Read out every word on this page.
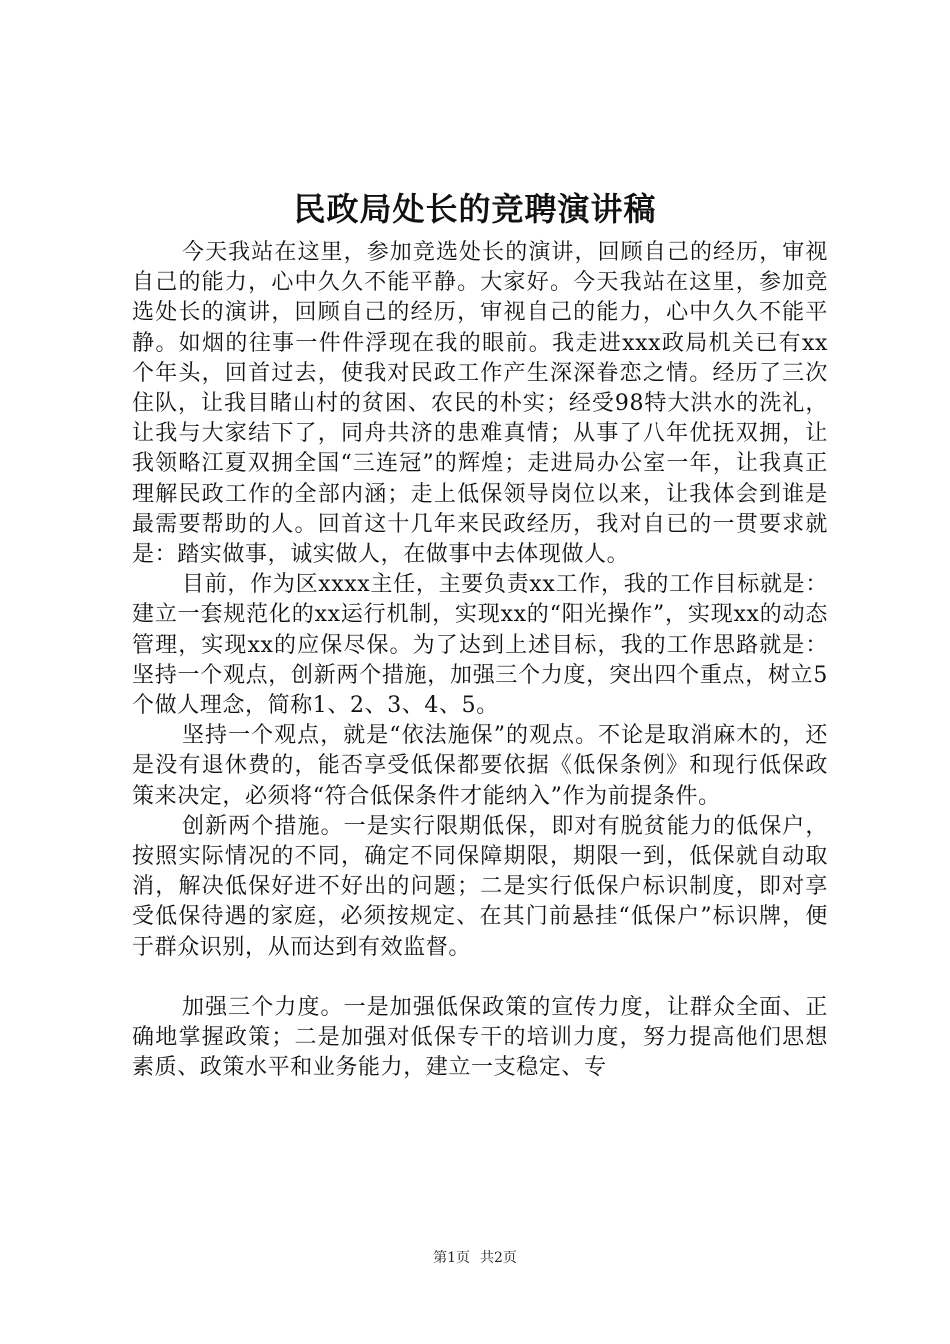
民政局处长的竞聘演讲稿

今天我站在这里，参加竞选处长的演讲，回顾自己的经历，审视自己的能力，心中久久不能平静。大家好。今天我站在这里，参加竞选处长的演讲，回顾自己的经历，审视自己的能力，心中久久不能平静。如烟的往事一件件浮现在我的眼前。我走进xxx政局机关已有xx个年头，回首过去，使我对民政工作产生深深眷恋之情。经历了三次住队，让我目睹山村的贫困、农民的朴实；经受98特大洪水的洗礼，让我与大家结下了，同舟共济的患难真情；从事了八年优抚双拥，让我领略江夏双拥全国“三连冠”的辉煌；走进局办公室一年，让我真正理解民政工作的全部内涵；走上低保领导岗位以来，让我体会到谁是最需要帮助的人。回首这十几年来民政经历，我对自已的一贯要求就是：踏实做事，诚实做人，在做事中去体现做人。

目前，作为区xxxx主任，主要负责xx工作，我的工作目标就是：建立一套规范化的xx运行机制，实现xx的“阳光操作”，实现xx的动态管理，实现xx的应保尽保。为了达到上述目标，我的工作思路就是：坚持一个观点，创新两个措施，加强三个力度，突出四个重点，树立5个做人理念，简称1、2、3、4、5。

坚持一个观点，就是“依法施保”的观点。不论是取消麻木的，还是没有退休费的，能否享受低保都要依据《低保条例》和现行低保政策来决定，必须将“符合低保条件才能纳入”作为前提条件。

创新两个措施。一是实行限期低保，即对有脱贫能力的低保户，按照实际情况的不同，确定不同保障期限，期限一到，低保就自动取消，解决低保好进不好出的问题；二是实行低保户标识制度，即对享受低保待遇的家庭，必须按规定、在其门前悬挂“低保户”标识牌，便于群众识别，从而达到有效监督。

加强三个力度。一是加强低保政策的宣传力度，让群众全面、正确地掌握政策；二是加强对低保专干的培训力度，努力提高他们思想素质、政策水平和业务能力，建立一支稳定、专

第1页 共2页
